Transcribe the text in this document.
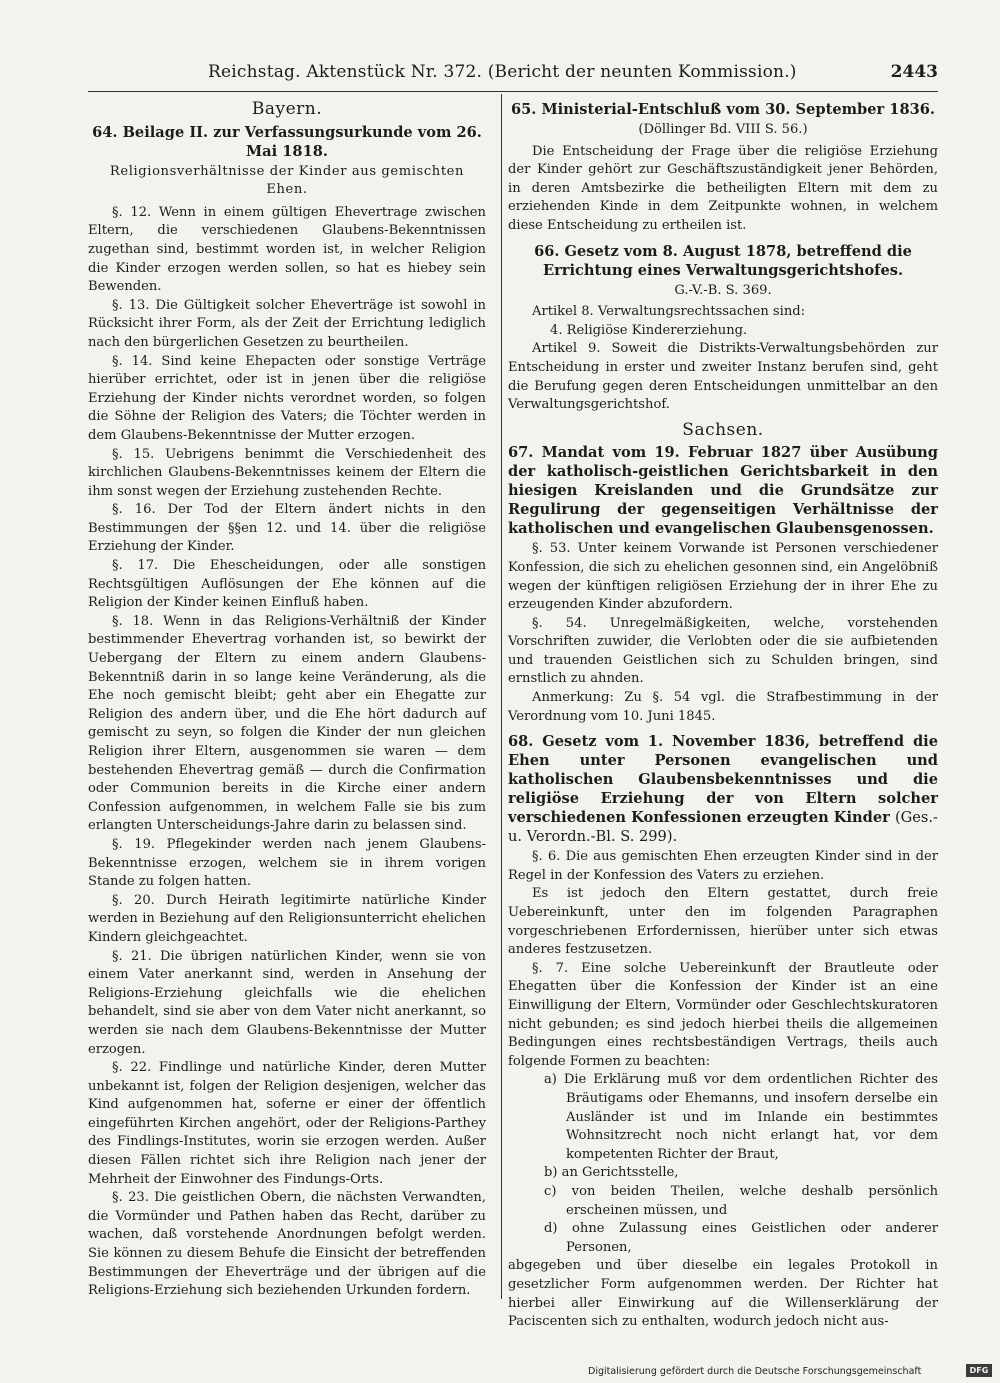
Reichstag. Aktenstück Nr. 372. (Bericht der neunten Kommission.)	2443
Bayern.
64. Beilage II. zur Verfassungsurkunde vom 26. Mai 1818.
Religionsverhältnisse der Kinder aus gemischten Ehen.

§. 12. Wenn in einem gültigen Ehevertrage zwischen Eltern, die verschiedenen Glaubens-Bekenntnissen zugethan sind, bestimmt worden ist, in welcher Religion die Kinder erzogen werden sollen, so hat es hiebey sein Bewenden.

§. 13. Die Gültigkeit solcher Eheverträge ist sowohl in Rücksicht ihrer Form, als der Zeit der Errichtung lediglich nach den bürgerlichen Gesetzen zu beurtheilen.

§. 14. Sind keine Ehepacten oder sonstige Verträge hierüber errichtet, oder ist in jenen über die religiöse Erziehung der Kinder nichts verordnet worden, so folgen die Söhne der Religion des Vaters; die Töchter werden in dem Glaubens-Bekenntnisse der Mutter erzogen.

§. 15. Uebrigens benimmt die Verschiedenheit des kirchlichen Glaubens-Bekenntnisses keinem der Eltern die ihm sonst wegen der Erziehung zustehenden Rechte.

§. 16. Der Tod der Eltern ändert nichts in den Bestimmungen der §§en 12. und 14. über die religiöse Erziehung der Kinder.

§. 17. Die Ehescheidungen, oder alle sonstigen Rechtsgültigen Auflösungen der Ehe können auf die Religion der Kinder keinen Einfluß haben.

§. 18. Wenn in das Religions-Verhältniß der Kinder bestimmender Ehevertrag vorhanden ist, so bewirkt der Uebergang der Eltern zu einem andern Glaubens-Bekenntniß darin in so lange keine Veränderung, als die Ehe noch gemischt bleibt; geht aber ein Ehegatte zur Religion des andern über, und die Ehe hört dadurch auf gemischt zu seyn, so folgen die Kinder der nun gleichen Religion ihrer Eltern, ausgenommen sie waren — dem bestehenden Ehevertrag gemäß — durch die Confirmation oder Communion bereits in die Kirche einer andern Confession aufgenommen, in welchem Falle sie bis zum erlangten Unterscheidungs-Jahre darin zu belassen sind.

§. 19. Pflegekinder werden nach jenem Glaubens-Bekenntnisse erzogen, welchem sie in ihrem vorigen Stande zu folgen hatten.

§. 20. Durch Heirath legitimirte natürliche Kinder werden in Beziehung auf den Religionsunterricht ehelichen Kindern gleichgeachtet.

§. 21. Die übrigen natürlichen Kinder, wenn sie von einem Vater anerkannt sind, werden in Ansehung der Religions-Erziehung gleichfalls wie die ehelichen behandelt, sind sie aber von dem Vater nicht anerkannt, so werden sie nach dem Glaubens-Bekenntnisse der Mutter erzogen.

§. 22. Findlinge und natürliche Kinder, deren Mutter unbekannt ist, folgen der Religion desjenigen, welcher das Kind aufgenommen hat, soferne er einer der öffentlich eingeführten Kirchen angehört, oder der Religions-Parthey des Findlings-Institutes, worin sie erzogen werden. Außer diesen Fällen richtet sich ihre Religion nach jener der Mehrheit der Einwohner des Findungs-Orts.

§. 23. Die geistlichen Obern, die nächsten Verwandten, die Vormünder und Pathen haben das Recht, darüber zu wachen, daß vorstehende Anordnungen befolgt werden. Sie können zu diesem Behufe die Einsicht der betreffenden Bestimmungen der Eheverträge und der übrigen auf die Religions-Erziehung sich beziehenden Urkunden fordern.

65. Ministerial-Entschluß vom 30. September 1836.
(Döllinger Bd. VIII S. 56.)

Die Entscheidung der Frage über die religiöse Erziehung der Kinder gehört zur Geschäftszuständigkeit jener Behörden, in deren Amtsbezirke die betheiligten Eltern mit dem zu erziehenden Kinde in dem Zeitpunkte wohnen, in welchem diese Entscheidung zu ertheilen ist.

66. Gesetz vom 8. August 1878, betreffend die Errichtung eines Verwaltungsgerichtshofes.
G.-V.-B. S. 369.

Artikel 8. Verwaltungsrechtssachen sind:

4. Religiöse Kindererziehung.

Artikel 9. Soweit die Distrikts-Verwaltungsbehörden zur Entscheidung in erster und zweiter Instanz berufen sind, geht die Berufung gegen deren Entscheidungen unmittelbar an den Verwaltungsgerichtshof.

Sachsen.
67. Mandat vom 19. Februar 1827 über Ausübung der katholisch-geistlichen Gerichtsbarkeit in den hiesigen Kreislanden und die Grundsätze zur Regulirung der gegenseitigen Verhältnisse der katholischen und evangelischen Glaubensgenossen.

§. 53. Unter keinem Vorwande ist Personen verschiedener Konfession, die sich zu ehelichen gesonnen sind, ein Angelöbniß wegen der künftigen religiösen Erziehung der in ihrer Ehe zu erzeugenden Kinder abzufordern.

§. 54. Unregelmäßigkeiten, welche, vorstehenden Vorschriften zuwider, die Verlobten oder die sie aufbietenden und trauenden Geistlichen sich zu Schulden bringen, sind ernstlich zu ahnden.

Anmerkung: Zu §. 54 vgl. die Strafbestimmung in der Verordnung vom 10. Juni 1845.

68. Gesetz vom 1. November 1836, betreffend die Ehen unter Personen evangelischen und katholischen Glaubensbekenntnisses und die religiöse Erziehung der von Eltern solcher verschiedenen Konfessionen erzeugten Kinder (Ges.- u. Verordn.-Bl. S. 299).

§. 6. Die aus gemischten Ehen erzeugten Kinder sind in der Regel in der Konfession des Vaters zu erziehen.

Es ist jedoch den Eltern gestattet, durch freie Uebereinkunft, unter den im folgenden Paragraphen vorgeschriebenen Erfordernissen, hierüber unter sich etwas anderes festzusetzen.

§. 7. Eine solche Uebereinkunft der Brautleute oder Ehegatten über die Konfession der Kinder ist an eine Einwilligung der Eltern, Vormünder oder Geschlechtskuratoren nicht gebunden; es sind jedoch hierbei theils die allgemeinen Bedingungen eines rechtsbeständigen Vertrags, theils auch folgende Formen zu beachten:

a) Die Erklärung muß vor dem ordentlichen Richter des Bräutigams oder Ehemanns, und insofern derselbe ein Ausländer ist und im Inlande ein bestimmtes Wohnsitzrecht noch nicht erlangt hat, vor dem kompetenten Richter der Braut,

b) an Gerichtsstelle,

c) von beiden Theilen, welche deshalb persönlich erscheinen müssen, und

d) ohne Zulassung eines Geistlichen oder anderer Personen,

abgegeben und über dieselbe ein legales Protokoll in gesetzlicher Form aufgenommen werden. Der Richter hat hierbei aller Einwirkung auf die Willenserklärung der Paciscenten sich zu enthalten, wodurch jedoch nicht aus-

Digitalisierung gefördert durch die Deutsche Forschungsgemeinschaft	DFG
